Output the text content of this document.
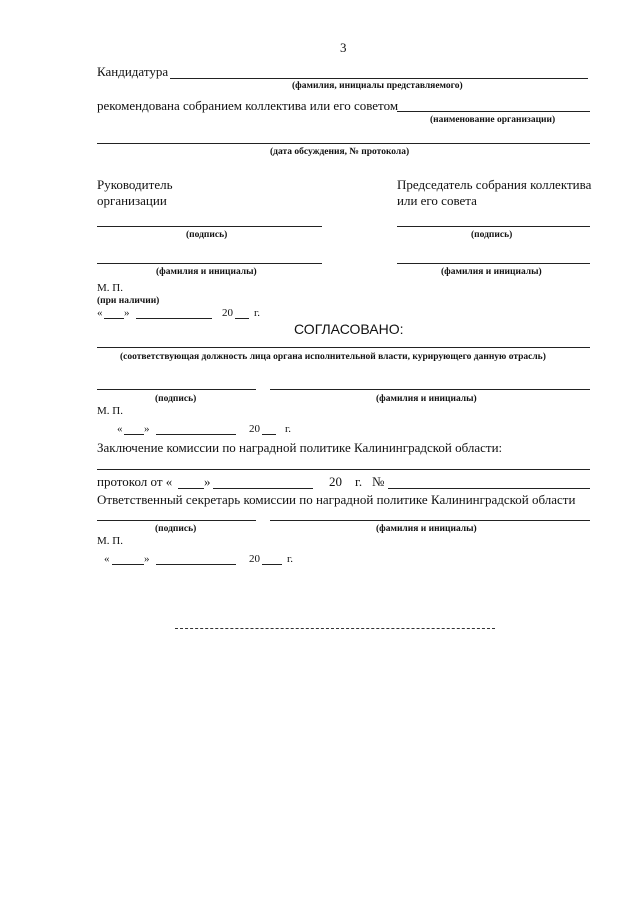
3
Кандидатура
(фамилия, инициалы представляемого)
рекомендована собранием коллектива или его советом
(наименование организации)
(дата обсуждения, № протокола)
Руководитель
организации
Председатель собрания коллектива
или его совета
(подпись)	(подпись)
(фамилия и инициалы)	(фамилия и инициалы)
М. П.
(при наличии)
« »	20 г.
СОГЛАСОВАНО:
(соответствующая должность лица органа исполнительной власти, курирующего данную отрасль)
(подпись)	(фамилия и инициалы)
М. П.
« »	20 г.
Заключение комиссии по наградной политике Калининградской области:
протокол от « »	20 г. №
Ответственный секретарь комиссии по наградной политике Калининградской области
(подпись)	(фамилия и инициалы)
М. П.
«	»	20 г.
